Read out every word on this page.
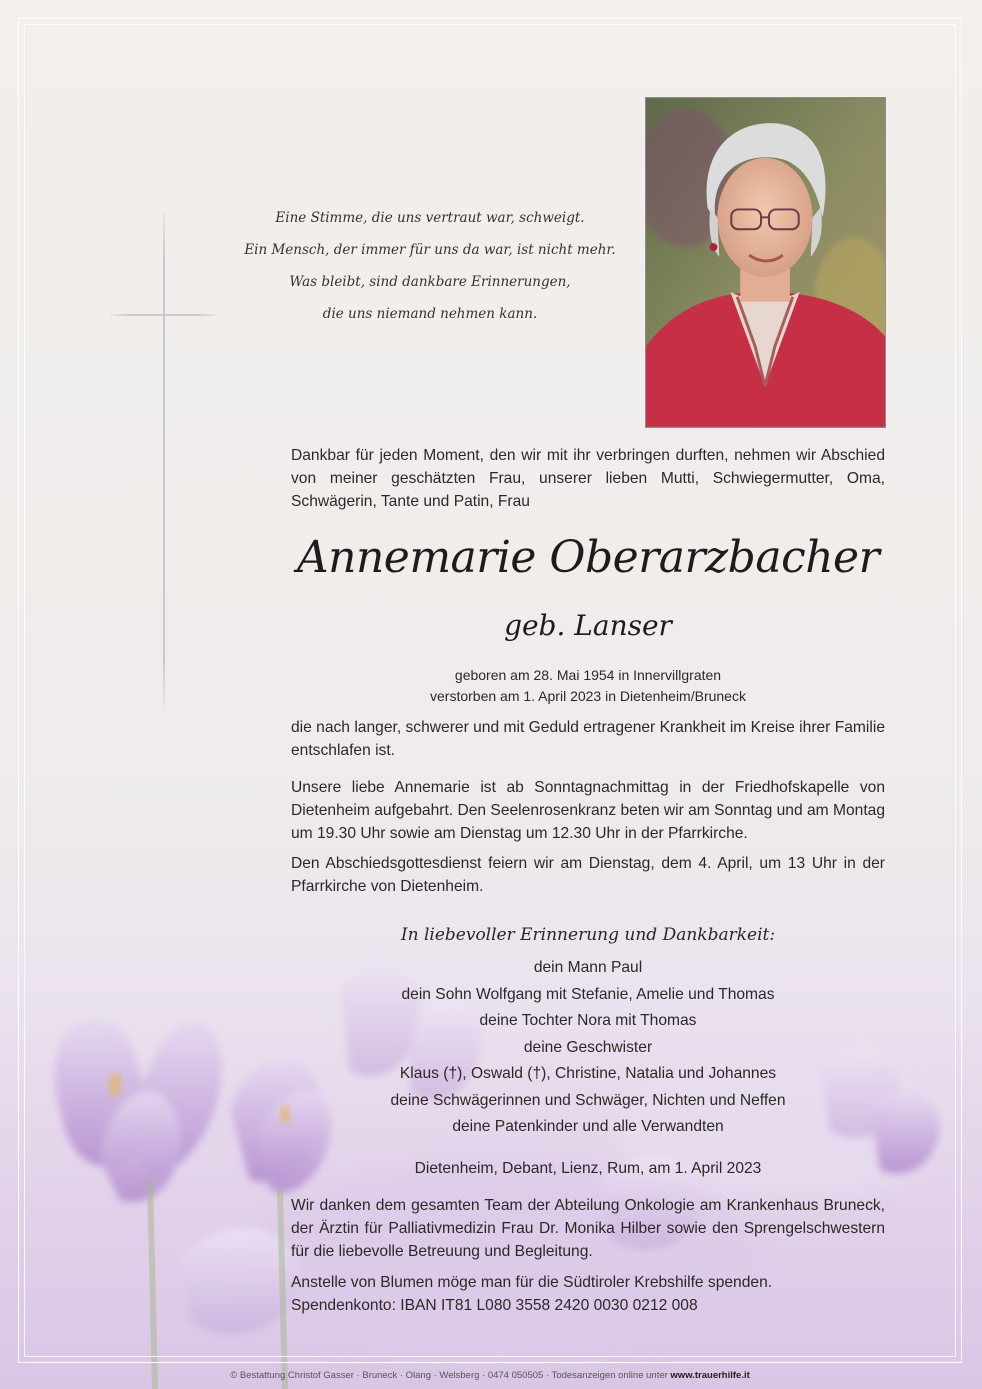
Eine Stimme, die uns vertraut war, schweigt.
Ein Mensch, der immer für uns da war, ist nicht mehr.
Was bleibt, sind dankbare Erinnerungen,
die uns niemand nehmen kann.
Dankbar für jeden Moment, den wir mit ihr verbringen durften, nehmen wir Abschied von meiner geschätzten Frau, unserer lieben Mutti, Schwiegermutter, Oma, Schwägerin, Tante und Patin, Frau
Annemarie Oberarzbacher
geb. Lanser
geboren am 28. Mai 1954 in Innervillgraten
verstorben am 1. April 2023 in Dietenheim/Bruneck
die nach langer, schwerer und mit Geduld ertragener Krankheit im Kreise ihrer Familie entschlafen ist.
Unsere liebe Annemarie ist ab Sonntagnachmittag in der Friedhofskapelle von Dietenheim aufgebahrt. Den Seelenrosenkranz beten wir am Sonntag und am Montag um 19.30 Uhr sowie am Dienstag um 12.30 Uhr in der Pfarrkirche.
Den Abschiedsgottesdienst feiern wir am Dienstag, dem 4. April, um 13 Uhr in der Pfarrkirche von Dietenheim.
In liebevoller Erinnerung und Dankbarkeit:
dein Mann Paul
dein Sohn Wolfgang mit Stefanie, Amelie und Thomas
deine Tochter Nora mit Thomas
deine Geschwister
Klaus (†), Oswald (†), Christine, Natalia und Johannes
deine Schwägerinnen und Schwäger, Nichten und Neffen
deine Patenkinder und alle Verwandten
Dietenheim, Debant, Lienz, Rum, am 1. April 2023
Wir danken dem gesamten Team der Abteilung Onkologie am Krankenhaus Bruneck, der Ärztin für Palliativmedizin Frau Dr. Monika Hilber sowie den Sprengelschwestern für die liebevolle Betreuung und Begleitung.
Anstelle von Blumen möge man für die Südtiroler Krebshilfe spenden.
Spendenkonto: IBAN IT81 L080 3558 2420 0030 0212 008
© Bestattung Christof Gasser · Bruneck · Olang · Welsberg · 0474 050505 · Todesanzeigen online unter www.trauerhilfe.it
